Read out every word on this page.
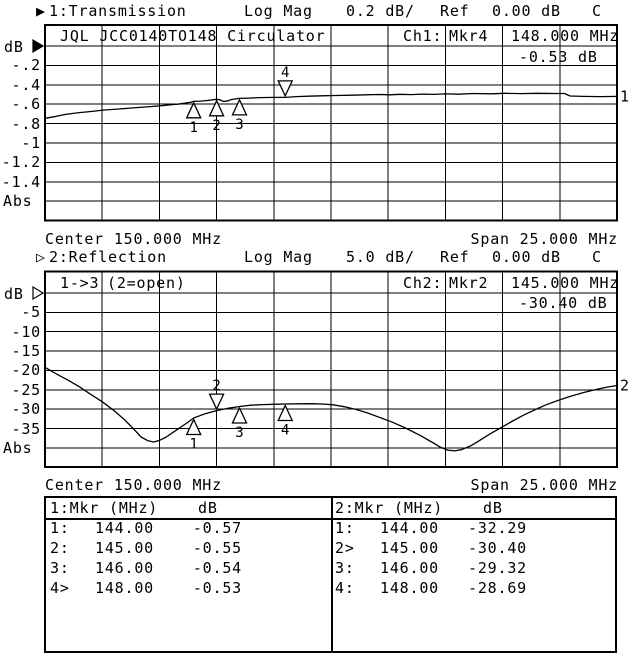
1 2 3
4
1
1
2
3	4
2
▶ 1:Transmission	Log Mag 0.2 dB/ Ref 0.00 dB C
JQL JCC0140TO148 Circulator	Ch1: Mkr4 148.000 MHz
-0.53 dB
dB
-.2
-.4
-.6
-.8
-1
-1.2
-1.4
Abs
Center 150.000 MHz	Span 25.000 MHz
▷ 2:Reflection	Log Mag 5.0 dB/ Ref 0.00 dB C
1->3 (2=open)	Ch2: Mkr2 145.000 MHz
-30.40 dB
dB
-5
-10
-15
-20
-25
-30
-35
Abs
Center 150.000 MHz	Span 25.000 MHz
1:Mkr (MHz)	dB	2:Mkr (MHz)	dB
1:	144.00	-0.57
2:	145.00	-0.55
3:	146.00	-0.54
4>	148.00	-0.53
1:	144.00	-32.29
2>	145.00	-30.40
3:	146.00	-29.32
4:	148.00	-28.69
